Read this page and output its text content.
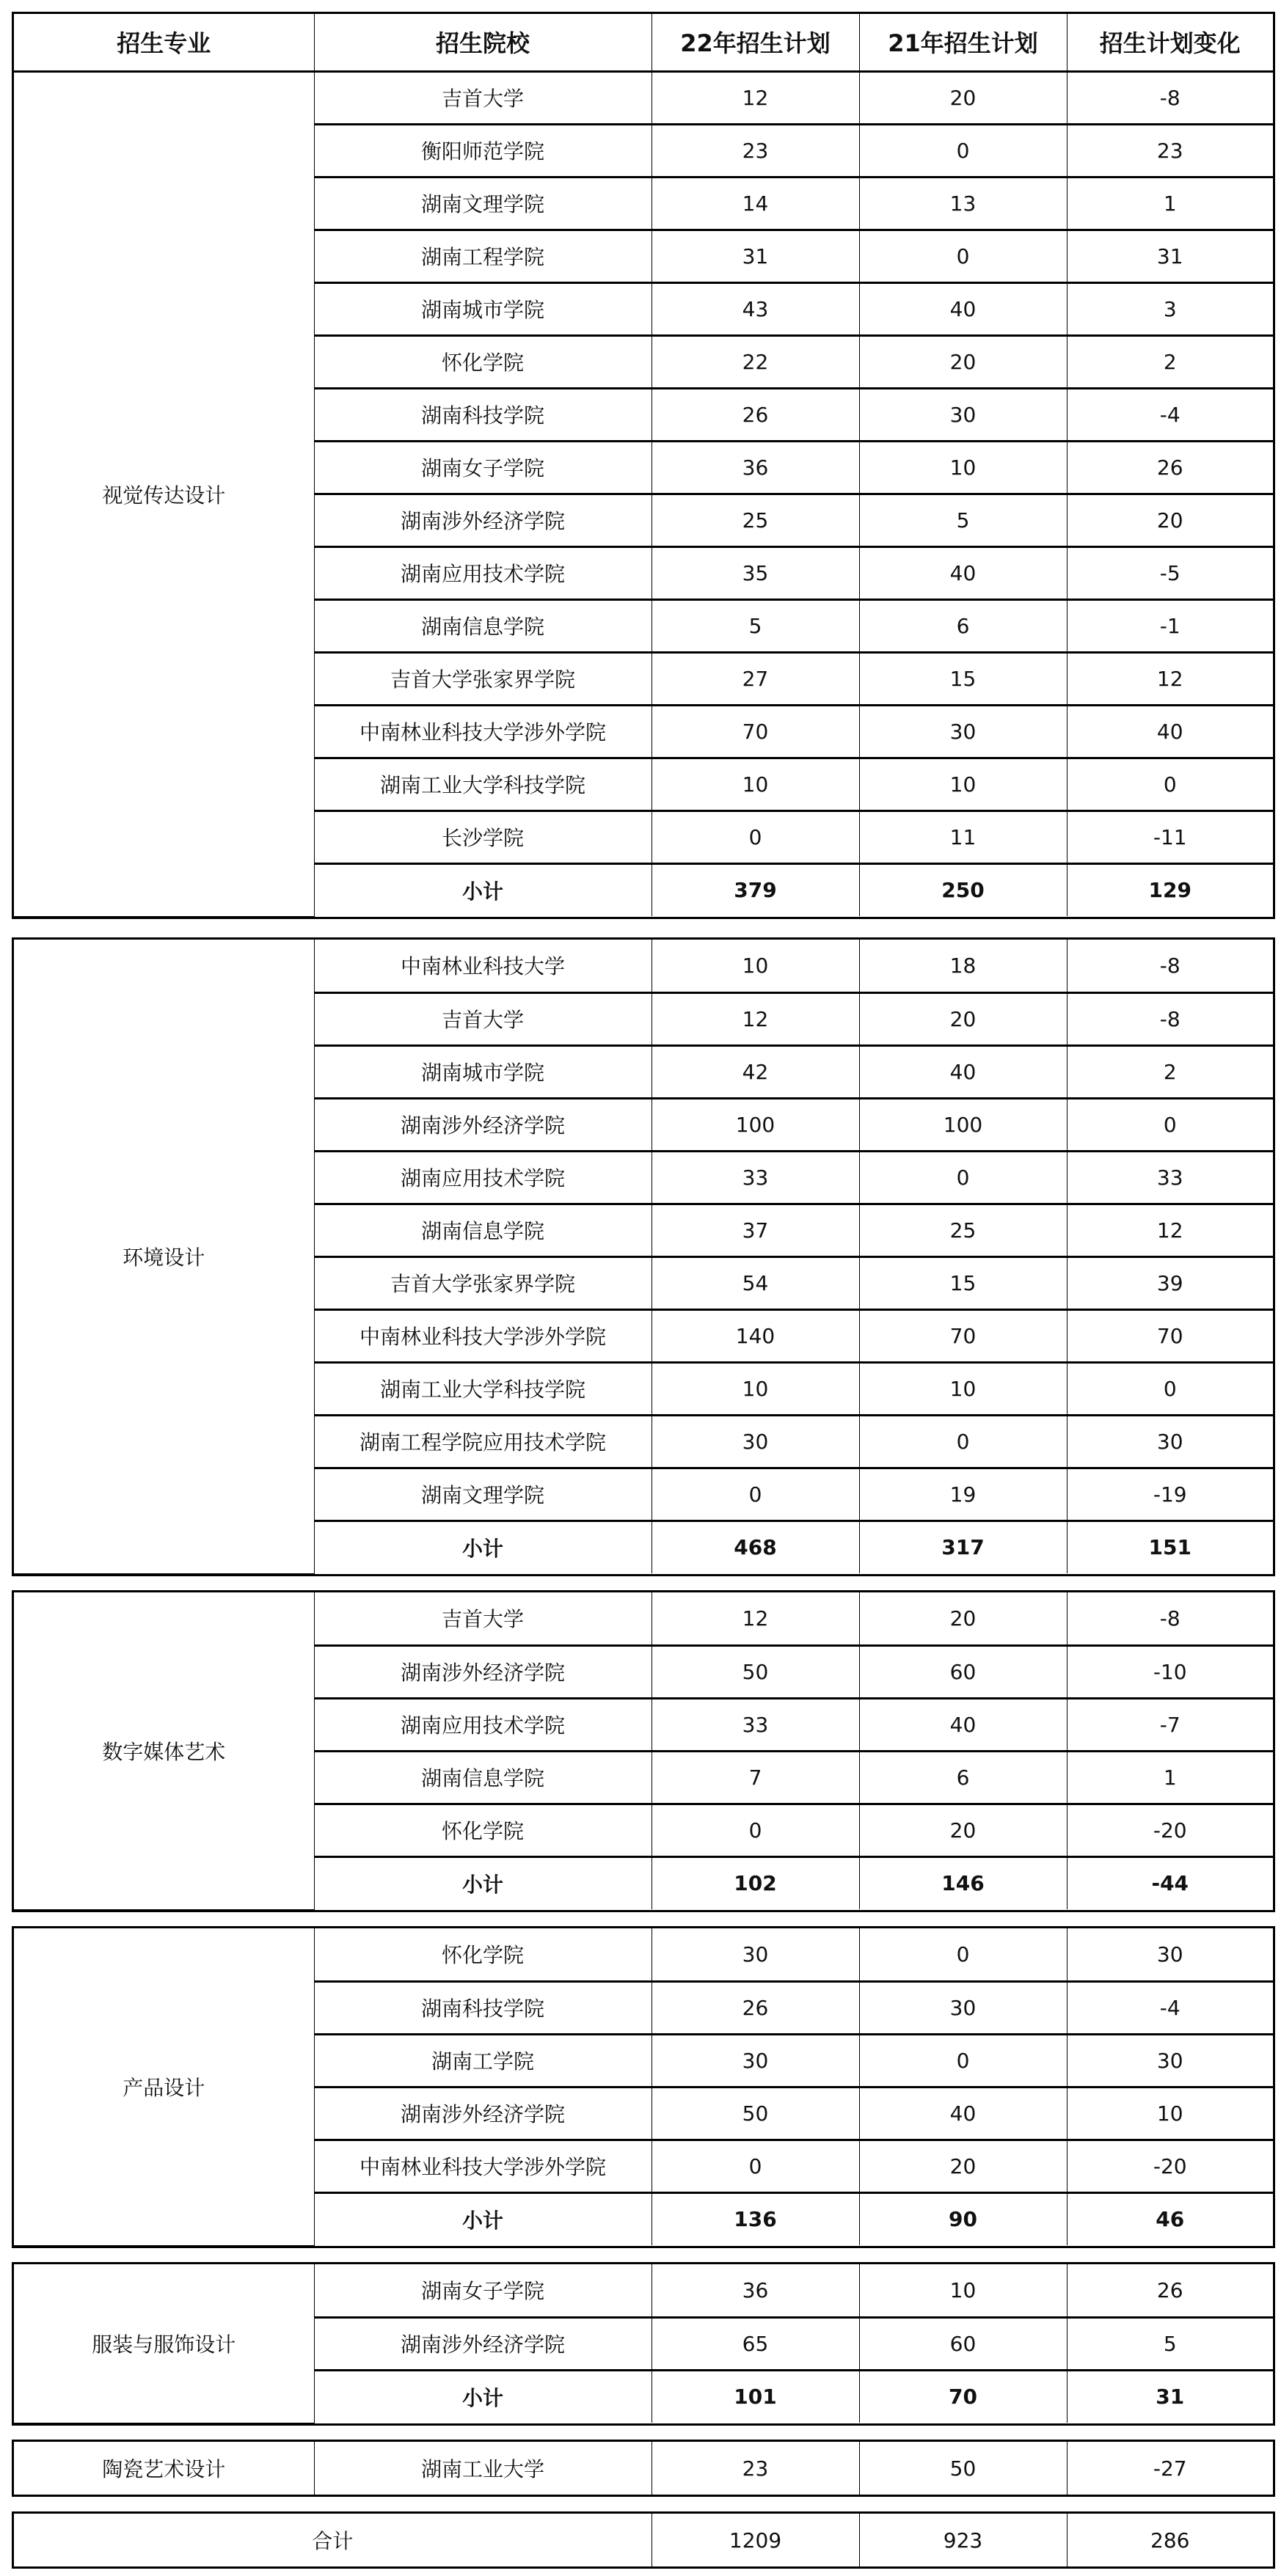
招生专业	招生院校	22年招生计划	21年招生计划	招生计划变化
视觉传达设计	吉首大学	12	20	-8
	衡阳师范学院	23	0	23
	湖南文理学院	14	13	1
	湖南工程学院	31	0	31
	湖南城市学院	43	40	3
	怀化学院	22	20	2
	湖南科技学院	26	30	-4
	湖南女子学院	36	10	26
	湖南涉外经济学院	25	5	20
	湖南应用技术学院	35	40	-5
	湖南信息学院	5	6	-1
	吉首大学张家界学院	27	15	12
	中南林业科技大学涉外学院	70	30	40
	湖南工业大学科技学院	10	10	0
	长沙学院	0	11	-11
	小计	379	250	129
环境设计	中南林业科技大学	10	18	-8
	吉首大学	12	20	-8
	湖南城市学院	42	40	2
	湖南涉外经济学院	100	100	0
	湖南应用技术学院	33	0	33
	湖南信息学院	37	25	12
	吉首大学张家界学院	54	15	39
	中南林业科技大学涉外学院	140	70	70
	湖南工业大学科技学院	10	10	0
	湖南工程学院应用技术学院	30	0	30
	湖南文理学院	0	19	-19
	小计	468	317	151
数字媒体艺术	吉首大学	12	20	-8
	湖南涉外经济学院	50	60	-10
	湖南应用技术学院	33	40	-7
	湖南信息学院	7	6	1
	怀化学院	0	20	-20
	小计	102	146	-44
产品设计	怀化学院	30	0	30
	湖南科技学院	26	30	-4
	湖南工学院	30	0	30
	湖南涉外经济学院	50	40	10
	中南林业科技大学涉外学院	0	20	-20
	小计	136	90	46
服装与服饰设计	湖南女子学院	36	10	26
	湖南涉外经济学院	65	60	5
	小计	101	70	31
陶瓷艺术设计	湖南工业大学	23	50	-27
合计	1209	923	286
